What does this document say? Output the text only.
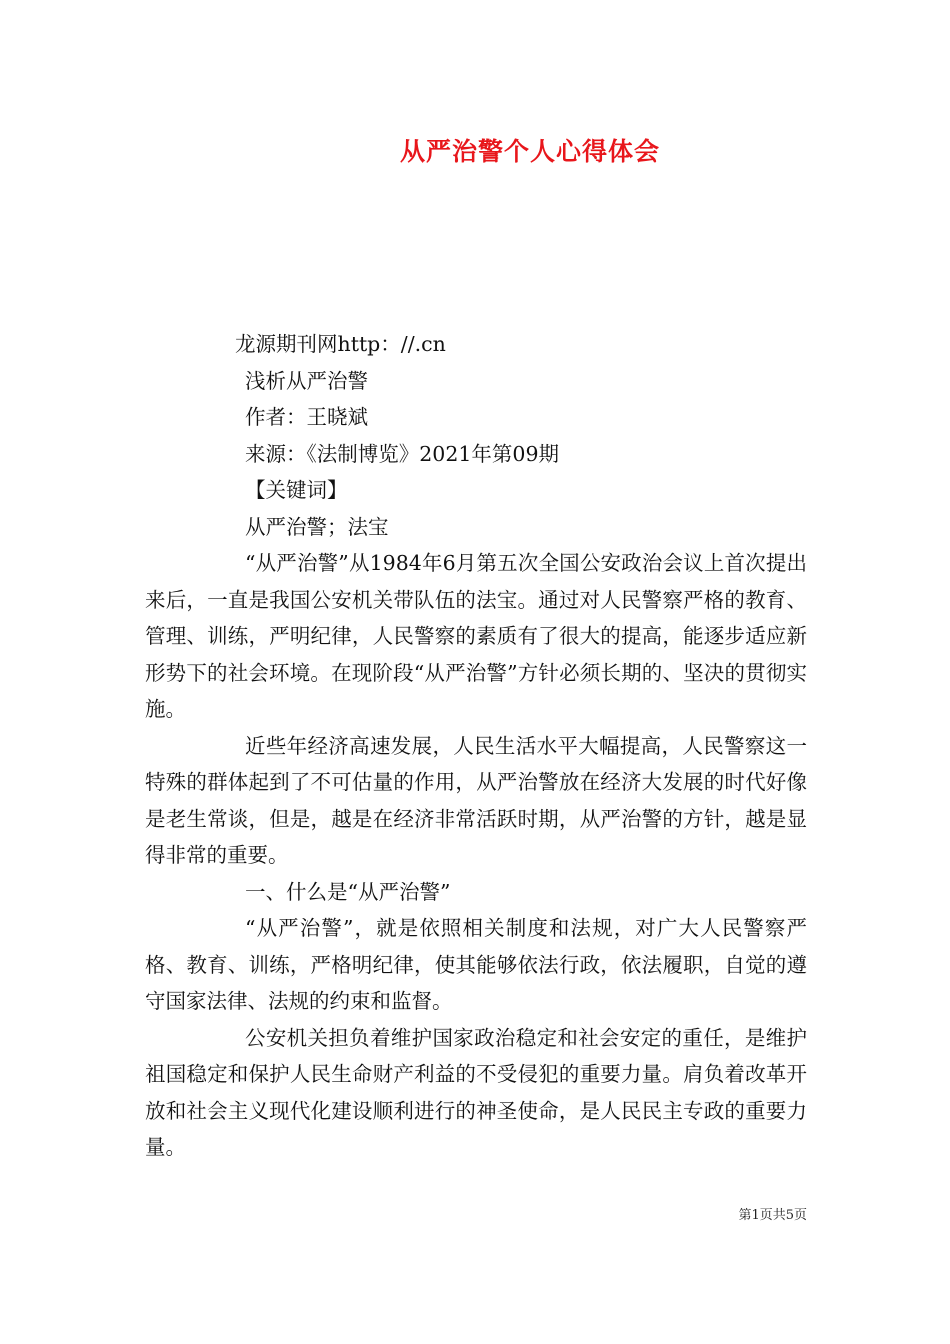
从严治警个人心得体会
龙源期刊网http：//.cn
浅析从严治警
作者：王晓斌
来源：《法制博览》2021年第09期
【关键词】
从严治警；法宝

“从严治警”从1984年6月第五次全国公安政治会议上首次提出来后，一直是我国公安机关带队伍的法宝。通过对人民警察严格的教育、管理、训练，严明纪律，人民警察的素质有了很大的提高，能逐步适应新形势下的社会环境。在现阶段“从严治警”方针必须长期的、坚决的贯彻实施。

近些年经济高速发展，人民生活水平大幅提高，人民警察这一特殊的群体起到了不可估量的作用，从严治警放在经济大发展的时代好像是老生常谈，但是，越是在经济非常活跃时期，从严治警的方针，越是显得非常的重要。

一、什么是“从严治警”

“从严治警”，就是依照相关制度和法规，对广大人民警察严格、教育、训练，严格明纪律，使其能够依法行政，依法履职，自觉的遵守国家法律、法规的约束和监督。

公安机关担负着维护国家政治稳定和社会安定的重任，是维护祖国稳定和保护人民生命财产利益的不受侵犯的重要力量。肩负着改革开放和社会主义现代化建设顺利进行的神圣使命，是人民民主专政的重要力量。

第1页共5页
